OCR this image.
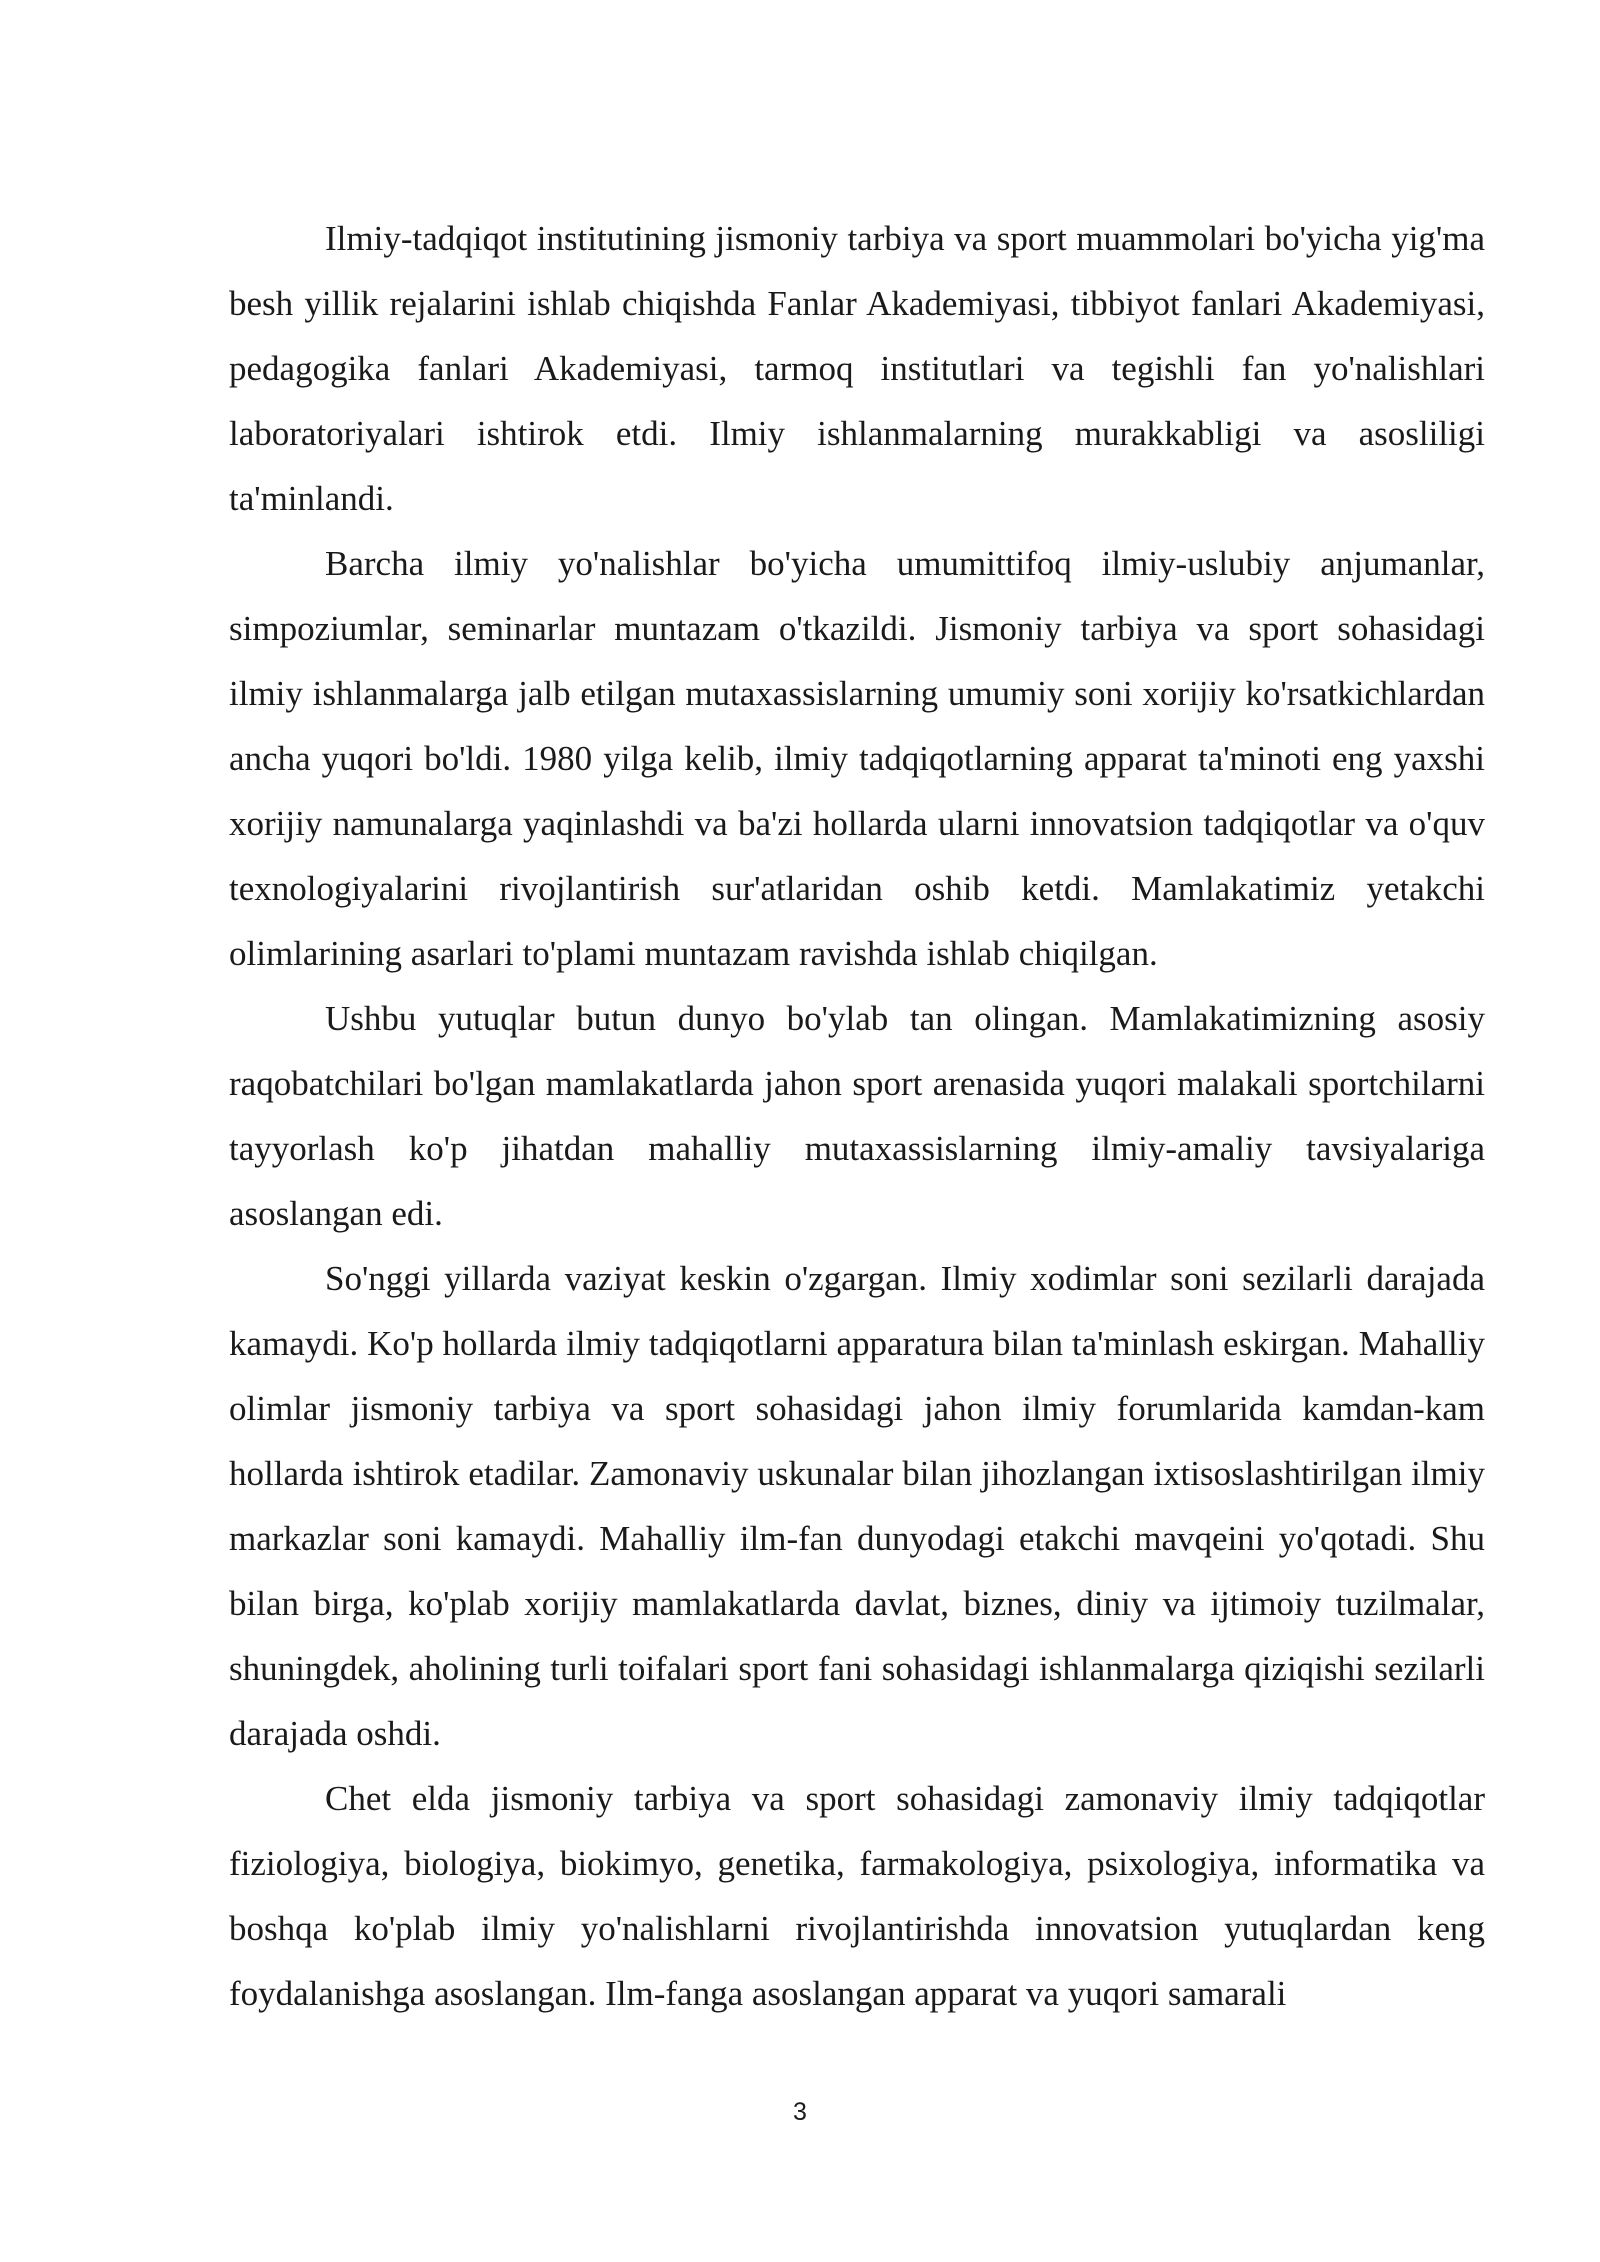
Ilmiy-tadqiqot institutining jismoniy tarbiya va sport muammolari bo'yicha yig'ma besh yillik rejalarini ishlab chiqishda Fanlar Akademiyasi, tibbiyot fanlari Akademiyasi, pedagogika fanlari Akademiyasi, tarmoq institutlari va tegishli fan yo'nalishlari laboratoriyalari ishtirok etdi. Ilmiy ishlanmalarning murakkabligi va asosliligi ta'minlandi.

Barcha ilmiy yo'nalishlar bo'yicha umumittifoq ilmiy-uslubiy anjumanlar, simpoziumlar, seminarlar muntazam o'tkazildi. Jismoniy tarbiya va sport sohasidagi ilmiy ishlanmalarga jalb etilgan mutaxassislarning umumiy soni xorijiy ko'rsatkichlardan ancha yuqori bo'ldi. 1980 yilga kelib, ilmiy tadqiqotlarning apparat ta'minoti eng yaxshi xorijiy namunalarga yaqinlashdi va ba'zi hollarda ularni innovatsion tadqiqotlar va o'quv texnologiyalarini rivojlantirish sur'atlaridan oshib ketdi. Mamlakatimiz yetakchi olimlarining asarlari to'plami muntazam ravishda ishlab chiqilgan.

Ushbu yutuqlar butun dunyo bo'ylab tan olingan. Mamlakatimizning asosiy raqobatchilari bo'lgan mamlakatlarda jahon sport arenasida yuqori malakali sportchilarni tayyorlash ko'p jihatdan mahalliy mutaxassislarning ilmiy-amaliy tavsiyalariga asoslangan edi.

So'nggi yillarda vaziyat keskin o'zgargan. Ilmiy xodimlar soni sezilarli darajada kamaydi. Ko'p hollarda ilmiy tadqiqotlarni apparatura bilan ta'minlash eskirgan. Mahalliy olimlar jismoniy tarbiya va sport sohasidagi jahon ilmiy forumlarida kamdan-kam hollarda ishtirok etadilar. Zamonaviy uskunalar bilan jihozlangan ixtisoslashtirilgan ilmiy markazlar soni kamaydi. Mahalliy ilm-fan dunyodagi etakchi mavqeini yo'qotadi. Shu bilan birga, ko'plab xorijiy mamlakatlarda davlat, biznes, diniy va ijtimoiy tuzilmalar, shuningdek, aholining turli toifalari sport fani sohasidagi ishlanmalarga qiziqishi sezilarli darajada oshdi.

Chet elda jismoniy tarbiya va sport sohasidagi zamonaviy ilmiy tadqiqotlar fiziologiya, biologiya, biokimyo, genetika, farmakologiya, psixologiya, informatika va boshqa ko'plab ilmiy yo'nalishlarni rivojlantirishda innovatsion yutuqlardan keng foydalanishga asoslangan. Ilm-fanga asoslangan apparat va yuqori samarali

3
